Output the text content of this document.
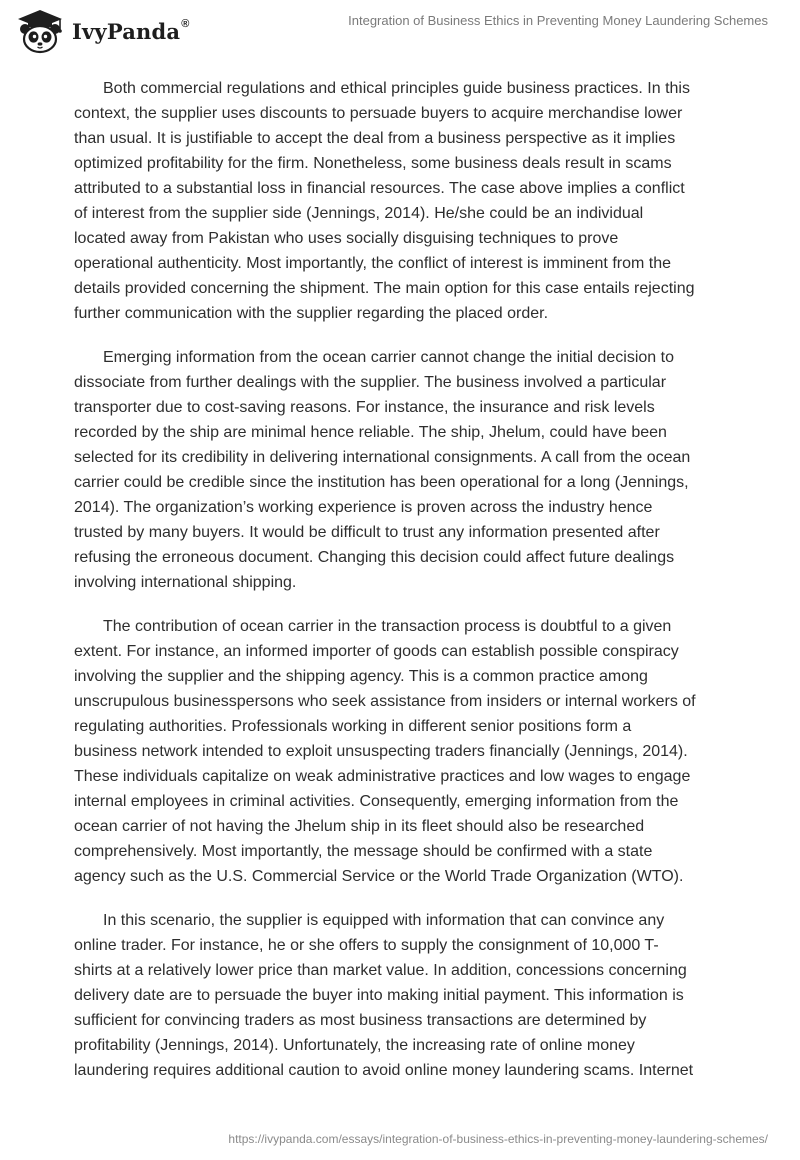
IvyPanda®	Integration of Business Ethics in Preventing Money Laundering Schemes

Both commercial regulations and ethical principles guide business practices. In this
context, the supplier uses discounts to persuade buyers to acquire merchandise lower
than usual. It is justifiable to accept the deal from a business perspective as it implies
optimized profitability for the firm. Nonetheless, some business deals result in scams
attributed to a substantial loss in financial resources. The case above implies a conflict
of interest from the supplier side (Jennings, 2014). He/she could be an individual
located away from Pakistan who uses socially disguising techniques to prove
operational authenticity. Most importantly, the conflict of interest is imminent from the
details provided concerning the shipment. The main option for this case entails rejecting
further communication with the supplier regarding the placed order.

Emerging information from the ocean carrier cannot change the initial decision to
dissociate from further dealings with the supplier. The business involved a particular
transporter due to cost-saving reasons. For instance, the insurance and risk levels
recorded by the ship are minimal hence reliable. The ship, Jhelum, could have been
selected for its credibility in delivering international consignments. A call from the ocean
carrier could be credible since the institution has been operational for a long (Jennings,
2014). The organization’s working experience is proven across the industry hence
trusted by many buyers. It would be difficult to trust any information presented after
refusing the erroneous document. Changing this decision could affect future dealings
involving international shipping.

The contribution of ocean carrier in the transaction process is doubtful to a given
extent. For instance, an informed importer of goods can establish possible conspiracy
involving the supplier and the shipping agency. This is a common practice among
unscrupulous businesspersons who seek assistance from insiders or internal workers of
regulating authorities. Professionals working in different senior positions form a
business network intended to exploit unsuspecting traders financially (Jennings, 2014).
These individuals capitalize on weak administrative practices and low wages to engage
internal employees in criminal activities. Consequently, emerging information from the
ocean carrier of not having the Jhelum ship in its fleet should also be researched
comprehensively. Most importantly, the message should be confirmed with a state
agency such as the U.S. Commercial Service or the World Trade Organization (WTO).

In this scenario, the supplier is equipped with information that can convince any
online trader. For instance, he or she offers to supply the consignment of 10,000 T-
shirts at a relatively lower price than market value. In addition, concessions concerning
delivery date are to persuade the buyer into making initial payment. This information is
sufficient for convincing traders as most business transactions are determined by
profitability (Jennings, 2014). Unfortunately, the increasing rate of online money
laundering requires additional caution to avoid online money laundering scams. Internet

https://ivypanda.com/essays/integration-of-business-ethics-in-preventing-money-laundering-schemes/
